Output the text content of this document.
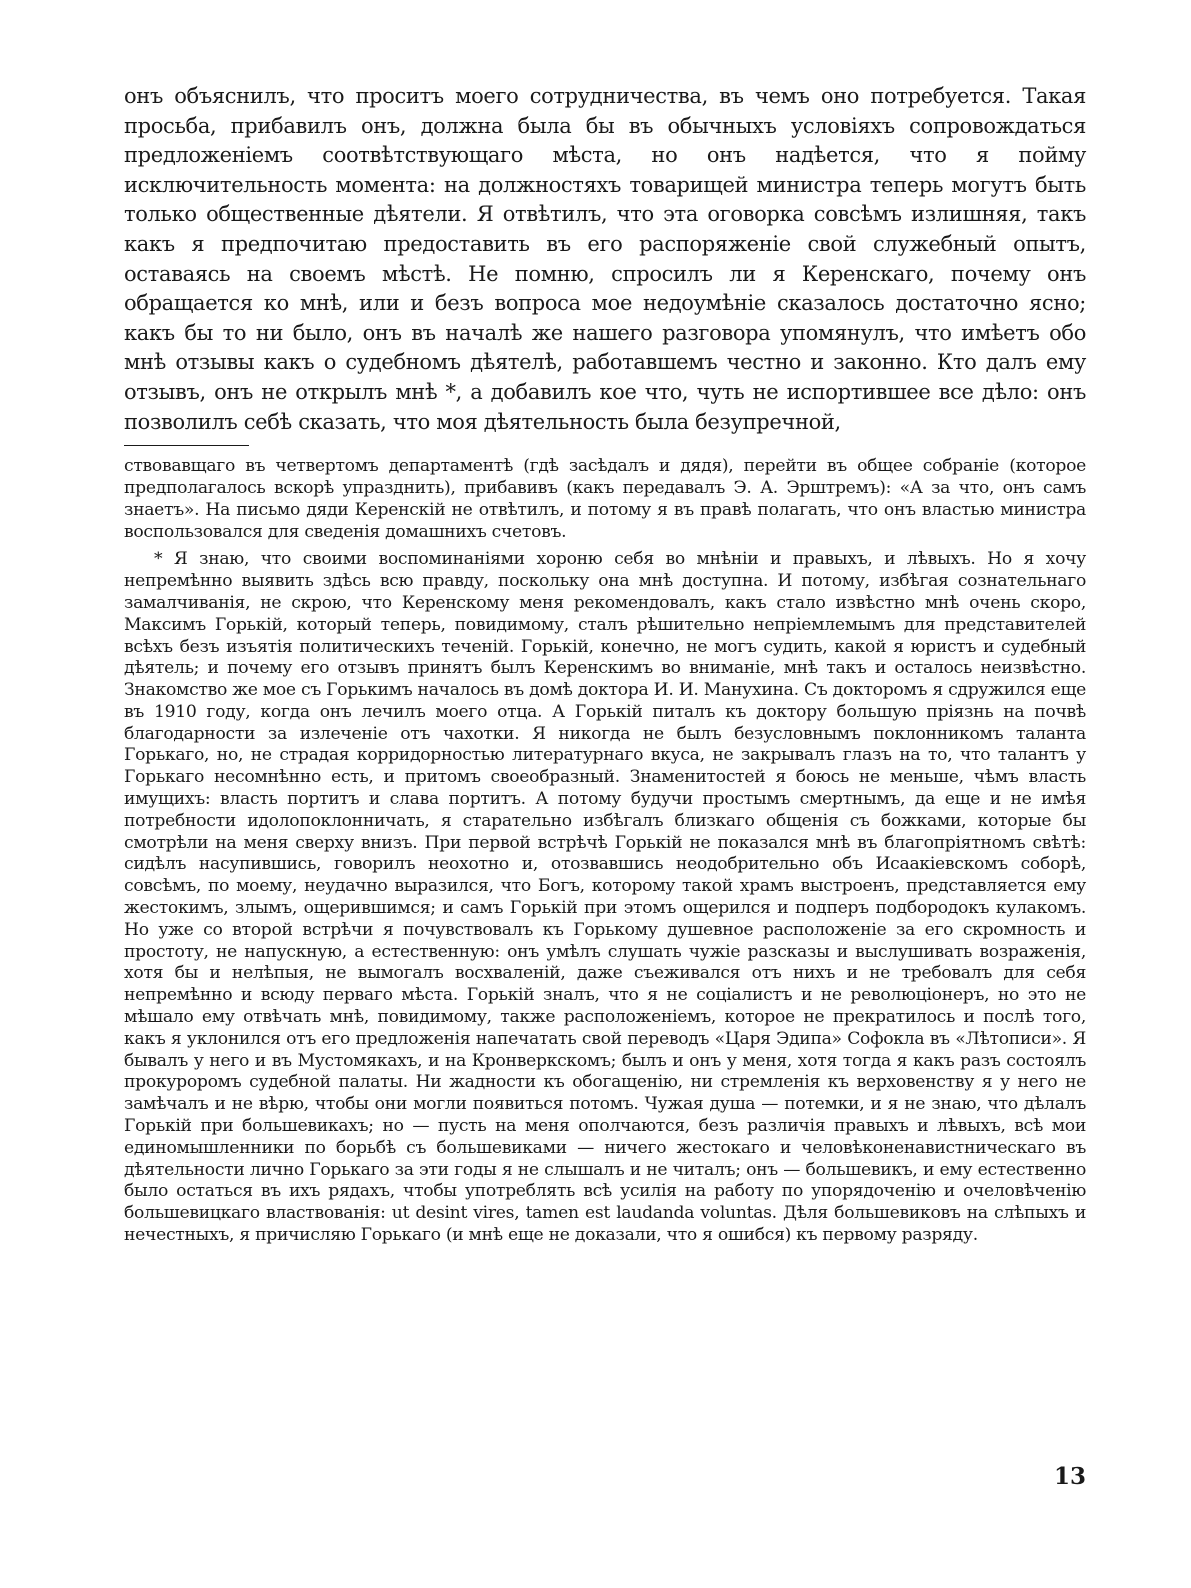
онъ объяснилъ, что проситъ моего сотрудничества, въ чемъ оно потребуется. Такая просьба, прибавилъ онъ, должна была бы въ обычныхъ условіяхъ сопровождаться предложеніемъ соотвѣтствующаго мѣста, но онъ надѣется, что я пойму исключительность момента: на должностяхъ товарищей министра теперь могутъ быть только общественные дѣятели. Я отвѣтилъ, что эта оговорка совсѣмъ излишняя, такъ какъ я предпочитаю предоставить въ его распоряженіе свой служебный опытъ, оставаясь на своемъ мѣстѣ. Не помню, спросилъ ли я Керенскаго, почему онъ обращается ко мнѣ, или и безъ вопроса мое недоумѣніе сказалось достаточно ясно; какъ бы то ни было, онъ въ началѣ же нашего разговора упомянулъ, что имѣетъ обо мнѣ отзывы какъ о судебномъ дѣятелѣ, работавшемъ честно и законно. Кто далъ ему отзывъ, онъ не открылъ мнѣ *, а добавилъ кое что, чуть не испортившее все дѣло: онъ позволилъ себѣ сказать, что моя дѣятельность была безупречной,

ствовавщаго въ четвертомъ департаментѣ (гдѣ засѣдалъ и дядя), перейти въ общее собраніе (которое предполагалось вскорѣ упразднить), прибавивъ (какъ передавалъ Э. А. Эрштремъ): «А за что, онъ самъ знаетъ». На письмо дяди Керенскій не отвѣтилъ, и потому я въ правѣ полагать, что онъ властью министра воспользовался для сведенія домашнихъ счетовъ.

* Я знаю, что своими воспоминаніями хороню себя во мнѣніи и правыхъ, и лѣвыхъ. Но я хочу непремѣнно выявить здѣсь всю правду, поскольку она мнѣ доступна. И потому, избѣгая сознательнаго замалчиванія, не скрою, что Керенскому меня рекомендовалъ, какъ стало извѣстно мнѣ очень скоро, Максимъ Горькій, который теперь, повидимому, сталъ рѣшительно непріемлемымъ для представителей всѣхъ безъ изъятія политическихъ теченій. Горькій, конечно, не могъ судить, какой я юристъ и судебный дѣятель; и почему его отзывъ принятъ былъ Керенскимъ во вниманіе, мнѣ такъ и осталось неизвѣстно. Знакомство же мое съ Горькимъ началось въ домѣ доктора И. И. Манухина. Съ докторомъ я сдружился еще въ 1910 году, когда онъ лечилъ моего отца. А Горькій питалъ къ доктору большую пріязнь на почвѣ благодарности за излеченіе отъ чахотки. Я никогда не былъ безусловнымъ поклонникомъ таланта Горькаго, но, не страдая корридорностью литературнаго вкуса, не закрывалъ глазъ на то, что талантъ у Горькаго несомнѣнно есть, и притомъ своеобразный. Знаменитостей я боюсь не меньше, чѣмъ власть имущихъ: власть портитъ и слава портитъ. А потому будучи простымъ смертнымъ, да еще и не имѣя потребности идолопоклонничать, я старательно избѣгалъ близкаго общенія съ божками, которые бы смотрѣли на меня сверху внизъ. При первой встрѣчѣ Горькій не показался мнѣ въ благопріятномъ свѣтѣ: сидѣлъ насупившись, говорилъ неохотно и, отозвавшись неодобрительно объ Исаакіевскомъ соборѣ, совсѣмъ, по моему, неудачно выразился, что Богъ, которому такой храмъ выстроенъ, представляется ему жестокимъ, злымъ, ощерившимся; и самъ Горькій при этомъ ощерился и подперъ подбородокъ кулакомъ. Но уже со второй встрѣчи я почувствовалъ къ Горькому душевное расположеніе за его скромность и простоту, не напускную, а естественную: онъ умѣлъ слушать чужіе разсказы и выслушивать возраженія, хотя бы и нелѣпыя, не вымогалъ восхваленій, даже съеживался отъ нихъ и не требовалъ для себя непремѣнно и всюду перваго мѣста. Горькій зналъ, что я не соціалистъ и не революціонеръ, но это не мѣшало ему отвѣчать мнѣ, повидимому, также расположеніемъ, которое не прекратилось и послѣ того, какъ я уклонился отъ его предложенія напечатать свой переводъ «Царя Эдипа» Софокла въ «Лѣтописи». Я бывалъ у него и въ Мустомякахъ, и на Кронверкскомъ; былъ и онъ у меня, хотя тогда я какъ разъ состоялъ прокуроромъ судебной палаты. Ни жадности къ обогащенію, ни стремленія къ верховенству я у него не замѣчалъ и не вѣрю, чтобы они могли появиться потомъ. Чужая душа — потемки, и я не знаю, что дѣлалъ Горькій при большевикахъ; но — пусть на меня ополчаются, безъ различія правыхъ и лѣвыхъ, всѣ мои единомышленники по борьбѣ съ большевиками — ничего жестокаго и человѣконенавистническаго въ дѣятельности лично Горькаго за эти годы я не слышалъ и не читалъ; онъ — большевикъ, и ему естественно было остаться въ ихъ рядахъ, чтобы употреблять всѣ усилія на работу по упорядоченію и очеловѣченію большевицкаго властвованія: ut desint vires, tamen est laudanda voluntas. Дѣля большевиковъ на слѣпыхъ и нечестныхъ, я причисляю Горькаго (и мнѣ еще не доказали, что я ошибся) къ первому разряду.

13
